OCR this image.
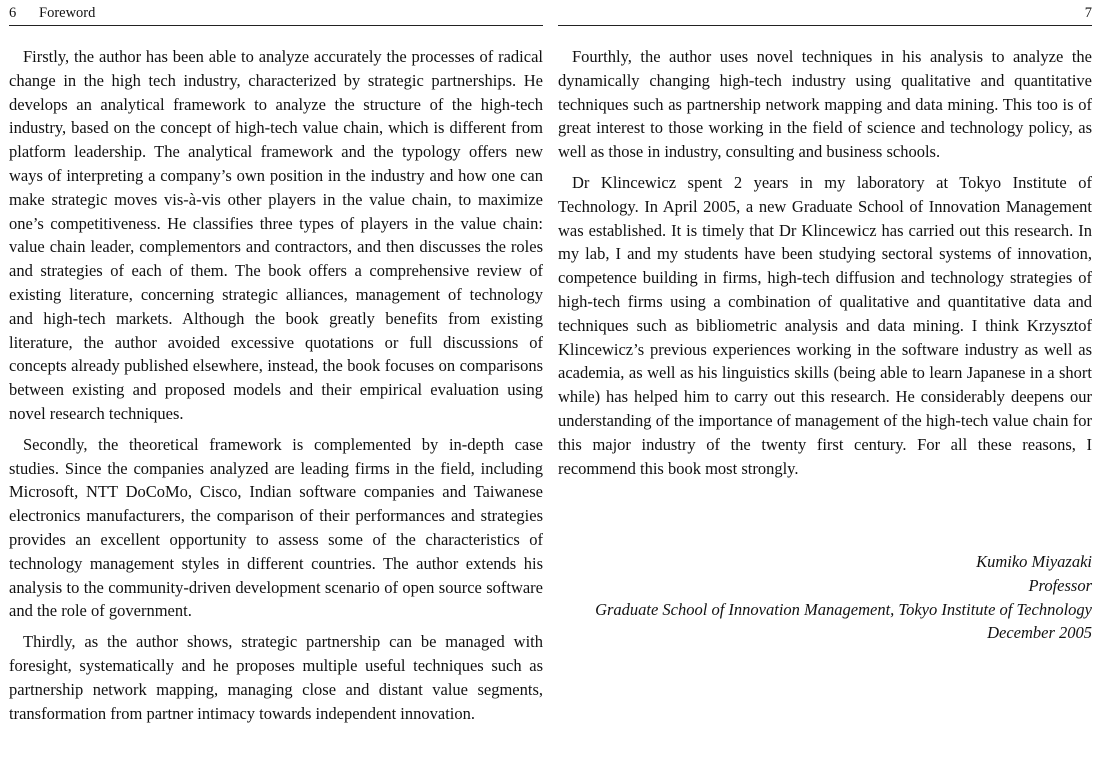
6 Foreword

Firstly, the author has been able to analyze accurately the processes of radical change in the high tech industry, characterized by strategic partnerships. He develops an analytical framework to analyze the structure of the high-tech industry, based on the concept of high-tech value chain, which is different from platform leadership. The analytical framework and the typology offers new ways of interpreting a company’s own position in the industry and how one can make strategic moves vis-à-vis other players in the value chain, to maximize one’s competitiveness. He classifies three types of players in the value chain: value chain leader, complementors and contractors, and then discusses the roles and strategies of each of them. The book offers a comprehensive review of existing literature, concerning strategic alliances, management of technology and high-tech markets. Although the book greatly benefits from existing literature, the author avoided excessive quotations or full discussions of concepts already published elsewhere, instead, the book focuses on comparisons between existing and proposed models and their empirical evaluation using novel research techniques.

Secondly, the theoretical framework is complemented by in-depth case studies. Since the companies analyzed are leading firms in the field, including Microsoft, NTT DoCoMo, Cisco, Indian software companies and Taiwanese electronics manufacturers, the comparison of their performances and strategies provides an excellent opportunity to assess some of the characteristics of technology management styles in different countries. The author extends his analysis to the community-driven development scenario of open source software and the role of government.

Thirdly, as the author shows, strategic partnership can be managed with foresight, systematically and he proposes multiple useful techniques such as partnership network mapping, managing close and distant value segments, transformation from partner intimacy towards independent innovation.

7

Fourthly, the author uses novel techniques in his analysis to analyze the dynamically changing high-tech industry using qualitative and quantitative techniques such as partnership network mapping and data mining. This too is of great interest to those working in the field of science and technology policy, as well as those in industry, consulting and business schools.

Dr Klincewicz spent 2 years in my laboratory at Tokyo Institute of Technology. In April 2005, a new Graduate School of Innovation Management was established. It is timely that Dr Klincewicz has carried out this research. In my lab, I and my students have been studying sectoral systems of innovation, competence building in firms, high-tech diffusion and technology strategies of high-tech firms using a combination of qualitative and quantitative data and techniques such as bibliometric analysis and data mining. I think Krzysztof Klincewicz’s previous experiences working in the software industry as well as academia, as well as his linguistics skills (being able to learn Japanese in a short while) has helped him to carry out this research. He considerably deepens our understanding of the importance of management of the high-tech value chain for this major industry of the twenty first century. For all these reasons, I recommend this book most strongly.

Kumiko Miyazaki
Professor
Graduate School of Innovation Management, Tokyo Institute of Technology
December 2005
